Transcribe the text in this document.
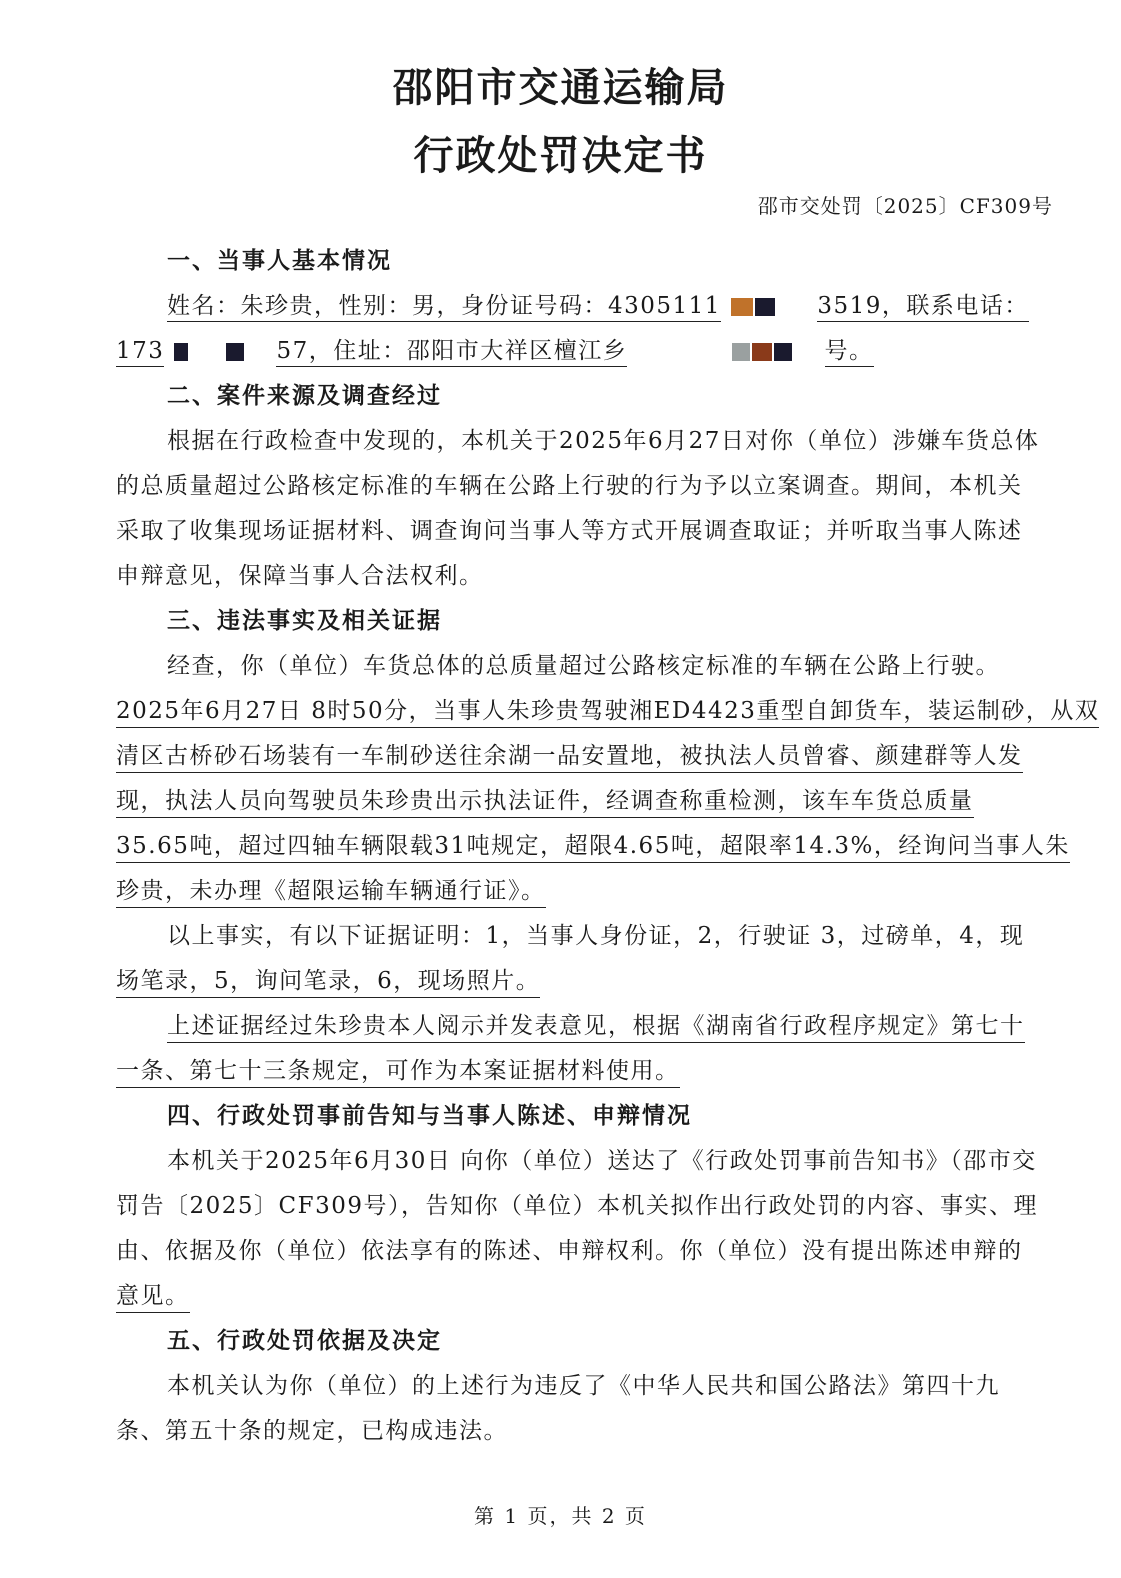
邵阳市交通运输局
行政处罚决定书
邵市交处罚〔2025〕CF309号
一、当事人基本情况
姓名：朱珍贵，性别：男，身份证号码：4305111	3519，联系电话：
173	57，住址：邵阳市大祥区檀江乡	号。
二、案件来源及调查经过
根据在行政检查中发现的，本机关于2025年6月27日对你（单位）涉嫌车货总体
的总质量超过公路核定标准的车辆在公路上行驶的行为予以立案调查。期间，本机关
采取了收集现场证据材料、调查询问当事人等方式开展调查取证；并听取当事人陈述
申辩意见，保障当事人合法权利。
三、违法事实及相关证据
经查，你（单位）车货总体的总质量超过公路核定标准的车辆在公路上行驶。
2025年6月27日 8时50分，当事人朱珍贵驾驶湘ED4423重型自卸货车，装运制砂，从双
清区古桥砂石场装有一车制砂送往余湖一品安置地，被执法人员曾睿、颜建群等人发
现，执法人员向驾驶员朱珍贵出示执法证件，经调查称重检测，该车车货总质量
35.65吨，超过四轴车辆限载31吨规定，超限4.65吨，超限率14.3%，经询问当事人朱
珍贵，未办理《超限运输车辆通行证》。
以上事实，有以下证据证明：1，当事人身份证，2，行驶证 3，过磅单，4，现
场笔录，5，询问笔录，6，现场照片。
上述证据经过朱珍贵本人阅示并发表意见，根据《湖南省行政程序规定》第七十
一条、第七十三条规定，可作为本案证据材料使用。
四、行政处罚事前告知与当事人陈述、申辩情况
本机关于2025年6月30日 向你（单位）送达了《行政处罚事前告知书》（邵市交
罚告〔2025〕CF309号），告知你（单位）本机关拟作出行政处罚的内容、事实、理
由、依据及你（单位）依法享有的陈述、申辩权利。你（单位）没有提出陈述申辩的
意见。
五、行政处罚依据及决定
本机关认为你（单位）的上述行为违反了《中华人民共和国公路法》第四十九
条、第五十条的规定，已构成违法。
第 1 页，共 2 页
